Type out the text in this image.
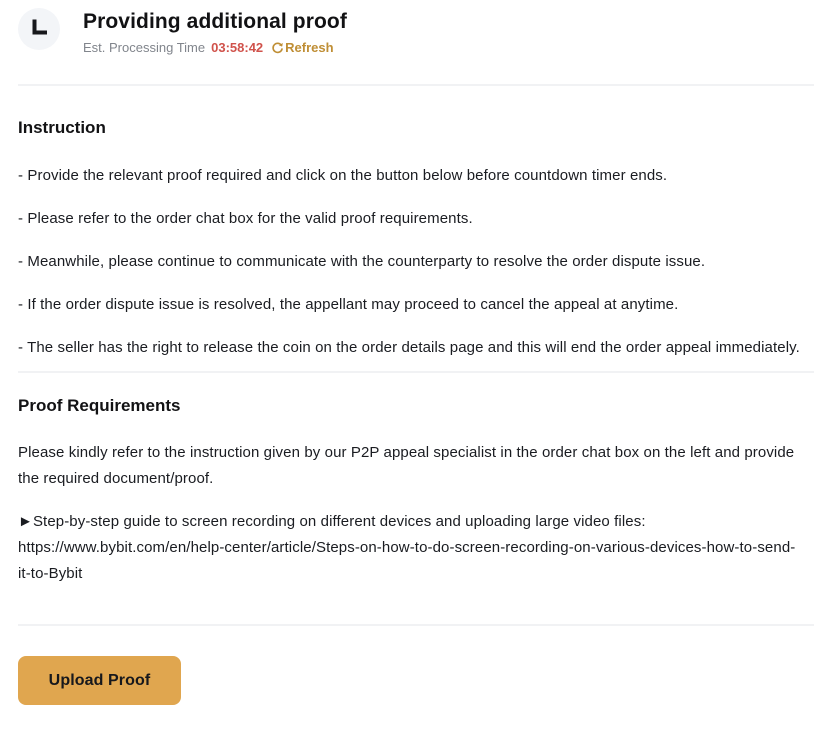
Providing additional proof
Est. Processing Time 03:58:42 Refresh
Instruction

- Provide the relevant proof required and click on the button below before countdown timer ends.

- Please refer to the order chat box for the valid proof requirements.

- Meanwhile, please continue to communicate with the counterparty to resolve the order dispute issue.

- If the order dispute issue is resolved, the appellant may proceed to cancel the appeal at anytime.

- The seller has the right to release the coin on the order details page and this will end the order appeal immediately.

Proof Requirements

Please kindly refer to the instruction given by our P2P appeal specialist in the order chat box on the left and provide the required document/proof.

►Step-by-step guide to screen recording on different devices and uploading large video files: https://www.bybit.com/en/help-center/article/Steps-on-how-to-do-screen-recording-on-various-devices-how-to-send-it-to-Bybit

Upload Proof
